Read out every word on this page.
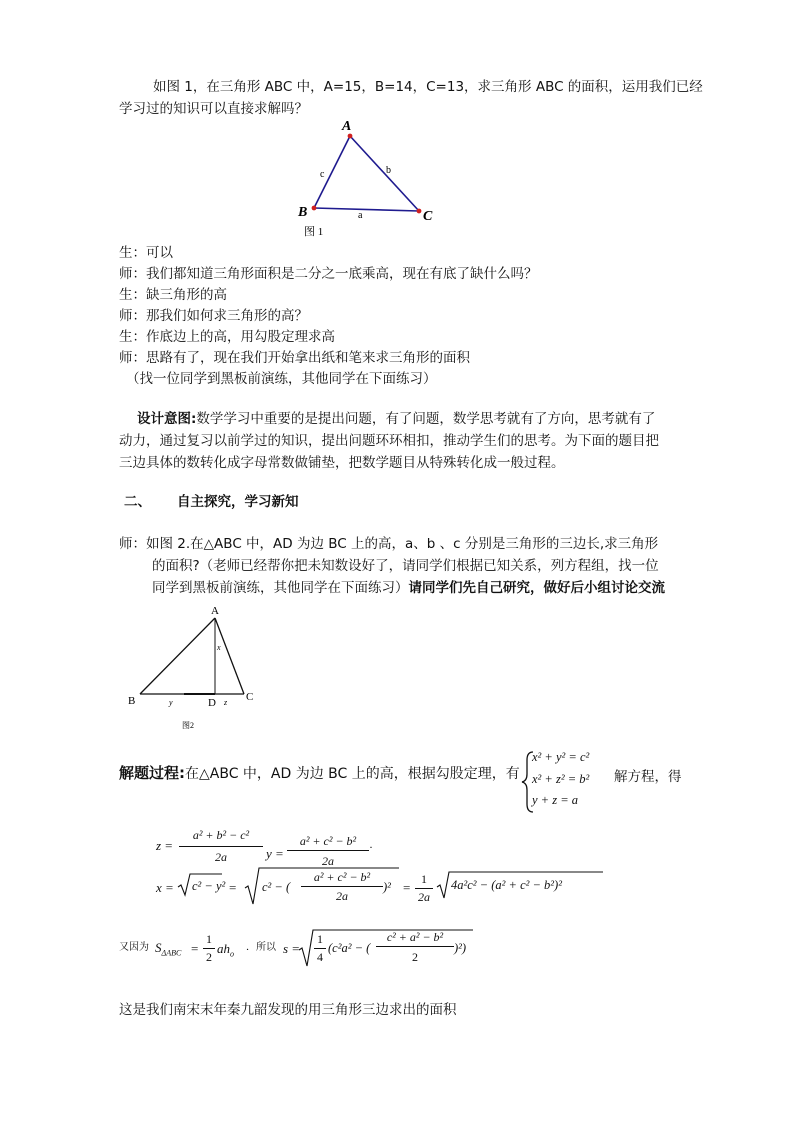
如图 1，在三角形 ABC 中，A=15，B=14，C=13，求三角形 ABC 的面积，运用我们已经
学习过的知识可以直接求解吗？
A
B	C
c	b
a
图 1
生：可以
师：我们都知道三角形面积是二分之一底乘高，现在有底了缺什么吗？
生：缺三角形的高
师：那我们如何求三角形的高？
生：作底边上的高，用勾股定理求高
师：思路有了，现在我们开始拿出纸和笔来求三角形的面积
（找一位同学到黑板前演练，其他同学在下面练习）
设计意图:数学学习中重要的是提出问题，有了问题，数学思考就有了方向，思考就有了
动力，通过复习以前学过的知识，提出问题环环相扣，推动学生们的思考。为下面的题目把
三边具体的数转化成字母常数做铺垫，把数学题目从特殊转化成一般过程。
二、 自主探究，学习新知
师：如图 2.在△ABC 中，AD 为边 BC 上的高，a、b 、c 分别是三角形的三边长,求三角形
的面积?（老师已经帮你把未知数设好了，请同学们根据已知关系，列方程组，找一位
同学到黑板前演练，其他同学在下面练习）请同学们先自己研究，做好后小组讨论交流
A
B	C
D
x
y	z
图2
解题过程:在△ABC 中，AD 为边 BC 上的高，根据勾股定理，有
x² + y² = c²
x² + z² = b²
y + z = a
解方程，得
z =
a² + b² − c²
2a	y =
a² + c² − b²
2a
·
x = c² − y² = c² − (
a² + c² − b²
2a
)² =
1
2a
4a²c² − (a² + c² − b²)²
又因为 $S_{\Delta ABC}$ =
1
2
$ah_o$
．所以 s =
1
4
(c²a² − (
c² + a² − b²
2
)²)
这是我们南宋末年秦九韶发现的用三角形三边求出的面积
